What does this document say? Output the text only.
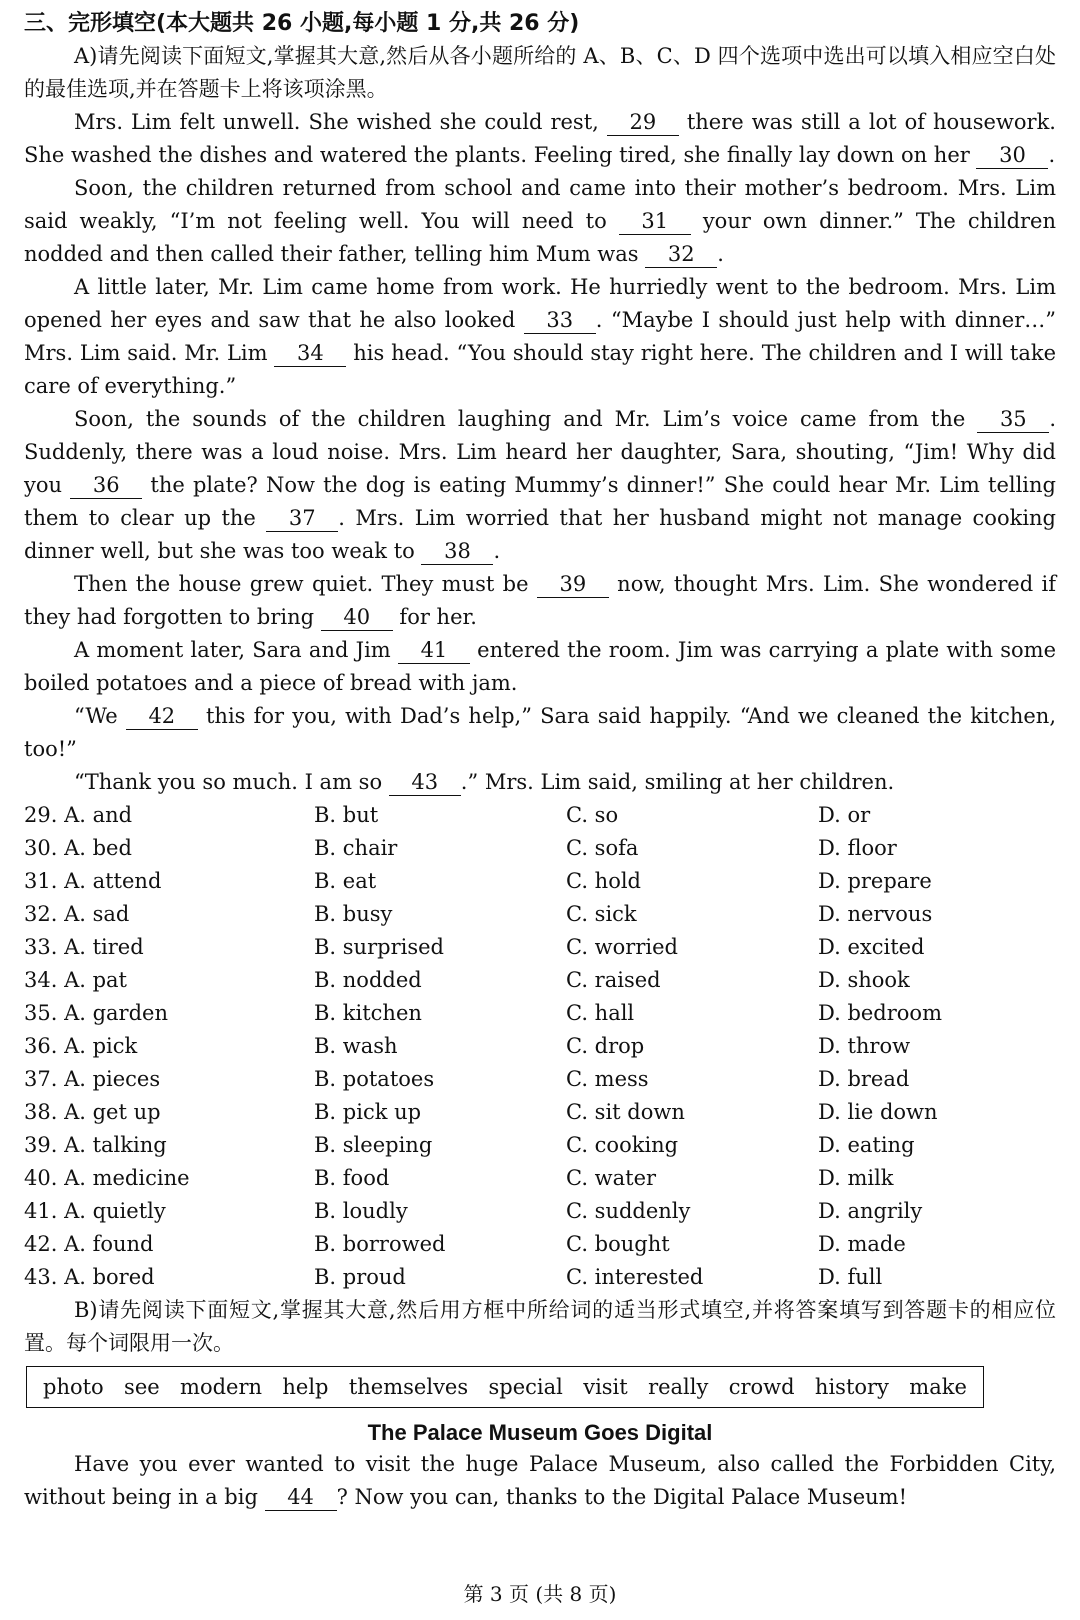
三、完形填空(本大题共 26 小题,每小题 1 分,共 26 分)

A)请先阅读下面短文,掌握其大意,然后从各小题所给的 A、B、C、D 四个选项中选出可以填入相应空白处的最佳选项,并在答题卡上将该项涂黑。

Mrs. Lim felt unwell. She wished she could rest, 29 there was still a lot of housework. She washed the dishes and watered the plants. Feeling tired, she finally lay down on her 30 .

Soon, the children returned from school and came into their mother’s bedroom. Mrs. Lim said weakly, “I’m not feeling well. You will need to 31 your own dinner.” The children nodded and then called their father, telling him Mum was 32 .

A little later, Mr. Lim came home from work. He hurriedly went to the bedroom. Mrs. Lim opened her eyes and saw that he also looked 33 . “Maybe I should just help with dinner…” Mrs. Lim said. Mr. Lim 34 his head. “You should stay right here. The children and I will take care of everything.”

Soon, the sounds of the children laughing and Mr. Lim’s voice came from the 35 . Suddenly, there was a loud noise. Mrs. Lim heard her daughter, Sara, shouting, “Jim! Why did you 36 the plate? Now the dog is eating Mummy’s dinner!” She could hear Mr. Lim telling them to clear up the 37 . Mrs. Lim worried that her husband might not manage cooking dinner well, but she was too weak to 38 .

Then the house grew quiet. They must be 39 now, thought Mrs. Lim. She wondered if they had forgotten to bring 40 for her.

A moment later, Sara and Jim 41 entered the room. Jim was carrying a plate with some boiled potatoes and a piece of bread with jam.

“We 42 this for you, with Dad’s help,” Sara said happily. “And we cleaned the kitchen, too!”

“Thank you so much. I am so 43 .” Mrs. Lim said, smiling at her children.

29. A. and	B. but	C. so	D. or
30. A. bed	B. chair	C. sofa	D. floor
31. A. attend	B. eat	C. hold	D. prepare
32. A. sad	B. busy	C. sick	D. nervous
33. A. tired	B. surprised	C. worried	D. excited
34. A. pat	B. nodded	C. raised	D. shook
35. A. garden	B. kitchen	C. hall	D. bedroom
36. A. pick	B. wash	C. drop	D. throw
37. A. pieces	B. potatoes	C. mess	D. bread
38. A. get up	B. pick up	C. sit down	D. lie down
39. A. talking	B. sleeping	C. cooking	D. eating
40. A. medicine	B. food	C. water	D. milk
41. A. quietly	B. loudly	C. suddenly	D. angrily
42. A. found	B. borrowed	C. bought	D. made
43. A. bored	B. proud	C. interested	D. full

B)请先阅读下面短文,掌握其大意,然后用方框中所给词的适当形式填空,并将答案填写到答题卡的相应位置。每个词限用一次。

photo see modern help themselves special visit really crowd history make
The Palace Museum Goes Digital

Have you ever wanted to visit the huge Palace Museum, also called the Forbidden City, without being in a big 44 ? Now you can, thanks to the Digital Palace Museum!

第 3 页 (共 8 页)
